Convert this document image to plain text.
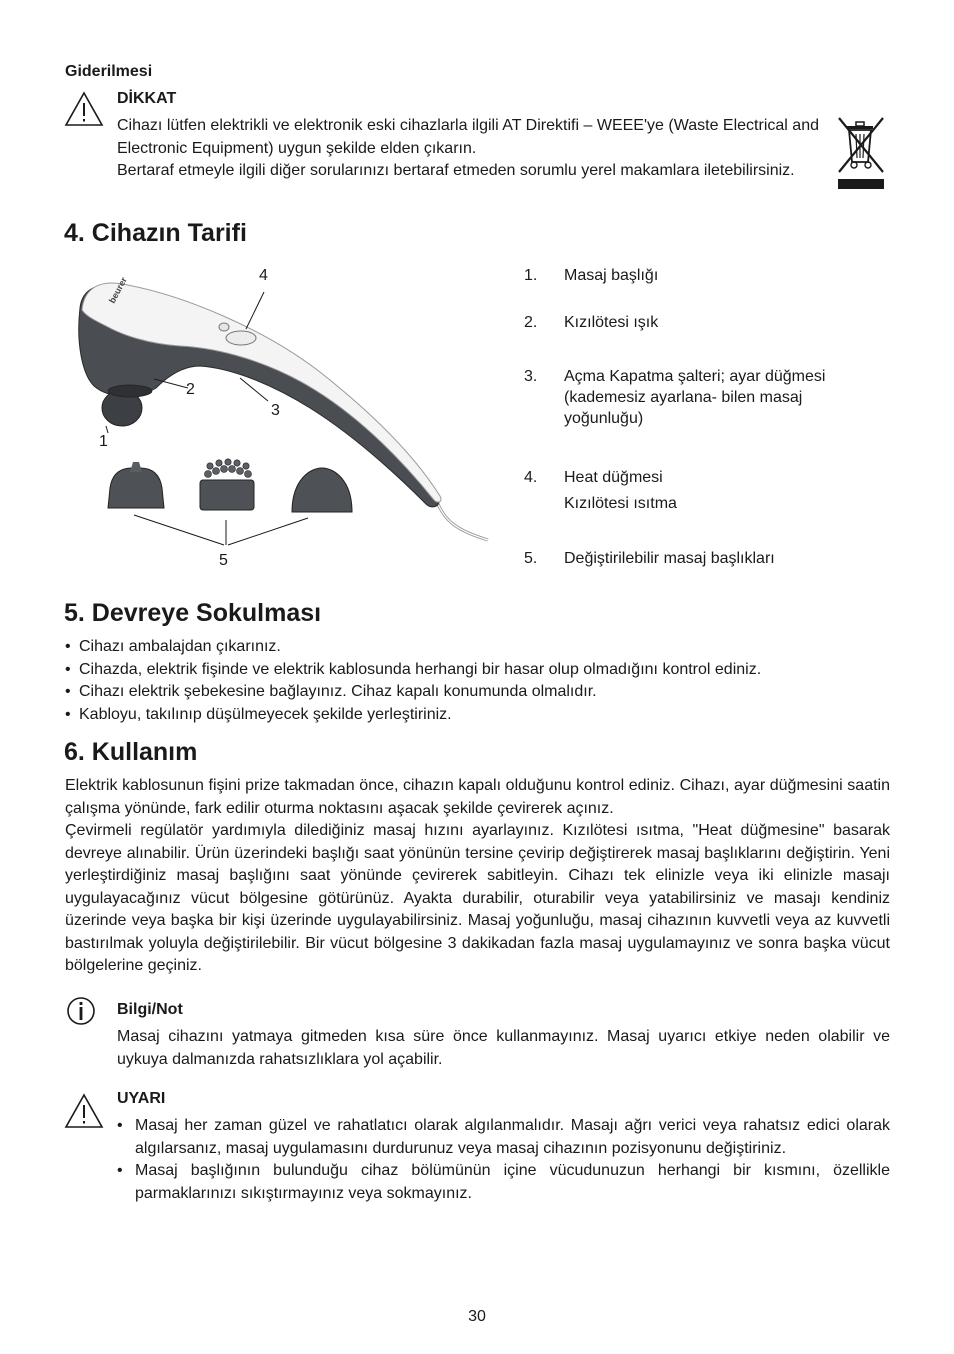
Giderilmesi
DİKKAT
Cihazı lütfen elektrikli ve elektronik eski cihazlarla ilgili AT Direktifi – WEEE'ye (Waste Electrical and Electronic Equipment) uygun şekilde elden çıkarın.
Bertaraf etmeyle ilgili diğer sorularınızı bertaraf etmeden sorumlu yerel makamlara iletebilirsiniz.
4. Cihazın Tarifi
beurer
4
2
3
1
5
1.	Masaj başlığı
2.	Kızılötesi ışık
3.	Açma Kapatma şalteri; ayar düğmesi (kademesiz ayarlana- bilen masaj yoğunluğu)
4.	Heat düğmesi
Kızılötesi ısıtma
5.	Değiştirilebilir masaj başlıkları
5. Devreye Sokulması
• Cihazı ambalajdan çıkarınız.
• Cihazda, elektrik fişinde ve elektrik kablosunda herhangi bir hasar olup olmadığını kontrol ediniz.
• Cihazı elektrik şebekesine bağlayınız. Cihaz kapalı konumunda olmalıdır.
• Kabloyu, takılınıp düşülmeyecek şekilde yerleştiriniz.
6. Kullanım
Elektrik kablosunun fişini prize takmadan önce, cihazın kapalı olduğunu kontrol ediniz. Cihazı, ayar düğmesini saatin çalışma yönünde, fark edilir oturma noktasını aşacak şekilde çevirerek açınız.
Çevirmeli regülatör yardımıyla dilediğiniz masaj hızını ayarlayınız. Kızılötesi ısıtma, "Heat düğmesine" basarak devreye alınabilir. Ürün üzerindeki başlığı saat yönünün tersine çevirip değiştirerek masaj başlıklarını değiştirin. Yeni yerleştirdiğiniz masaj başlığını saat yönünde çevirerek sabitleyin. Cihazı tek elinizle veya iki elinizle masajı uygulayacağınız vücut bölgesine götürünüz. Ayakta durabilir, oturabilir veya yatabilirsiniz ve masajı kendiniz üzerinde veya başka bir kişi üzerinde uygulayabilirsiniz. Masaj yoğunluğu, masaj cihazının kuvvetli veya az kuvvetli bastırılmak yoluyla değiştirilebilir. Bir vücut bölgesine 3 dakikadan fazla masaj uygulamayınız ve sonra başka vücut bölgelerine geçiniz.
Bilgi/Not
Masaj cihazını yatmaya gitmeden kısa süre önce kullanmayınız. Masaj uyarıcı etkiye neden olabilir ve uykuya dalmanızda rahatsızlıklara yol açabilir.
UYARI
• Masaj her zaman güzel ve rahatlatıcı olarak algılanmalıdır. Masajı ağrı verici veya rahatsız edici olarak algılarsanız, masaj uygulamasını durdurunuz veya masaj cihazının pozisyonunu değiştiriniz.
• Masaj başlığının bulunduğu cihaz bölümünün içine vücudunuzun herhangi bir kısmını, özellikle parmaklarınızı sıkıştırmayınız veya sokmayınız.
30
